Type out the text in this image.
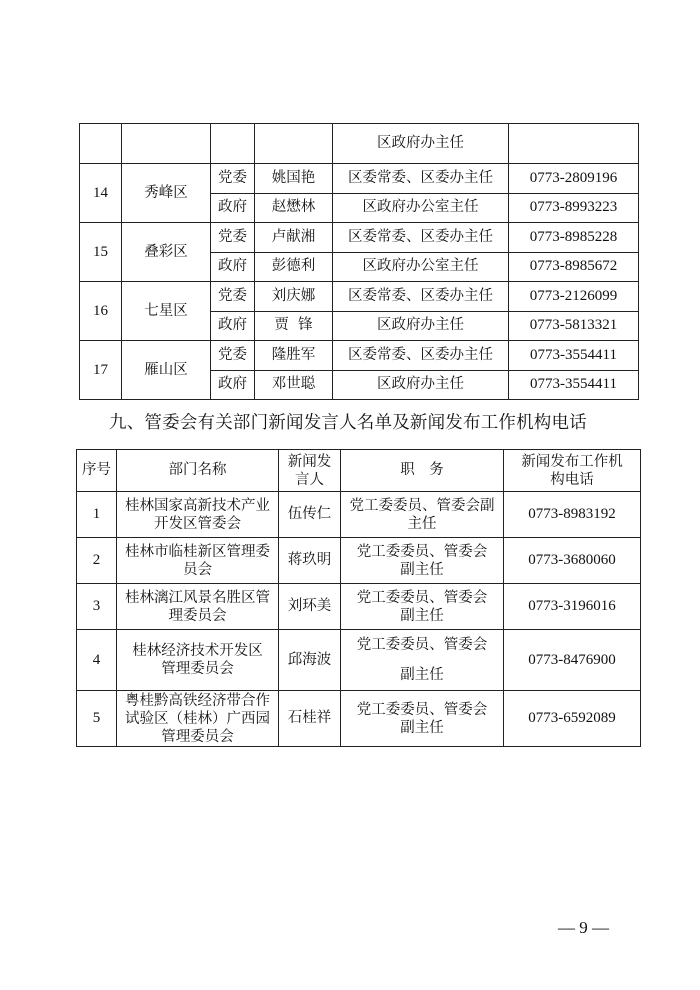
				区政府办主任	
14	秀峰区	党委	姚国艳	区委常委、区委办主任	0773-2809196
		政府	赵懋林	区政府办公室主任	0773-8993223
15	叠彩区	党委	卢献湘	区委常委、区委办主任	0773-8985228
		政府	彭德利	区政府办公室主任	0773-8985672
16	七星区	党委	刘庆娜	区委常委、区委办主任	0773-2126099
		政府	贾  锋	区政府办主任	0773-5813321
17	雁山区	党委	隆胜军	区委常委、区委办主任	0773-3554411
		政府	邓世聪	区政府办主任	0773-3554411
九、管委会有关部门新闻发言人名单及新闻发布工作机构电话
序号	部门名称	新闻发言人	职　务	新闻发布工作机构电话
1	桂林国家高新技术产业开发区管委会	伍传仁	党工委委员、管委会副主任	0773-8983192
2	桂林市临桂新区管理委员会	蒋玖明	党工委委员、管委会副主任	0773-3680060
3	桂林漓江风景名胜区管理委员会	刘环美	党工委委员、管委会副主任	0773-3196016
4	桂林经济技术开发区管理委员会	邱海波	党工委委员、管委会副主任	0773-8476900
5	粤桂黔高铁经济带合作试验区（桂林）广西园管理委员会	石桂祥	党工委委员、管委会副主任	0773-6592089
— 9 —
